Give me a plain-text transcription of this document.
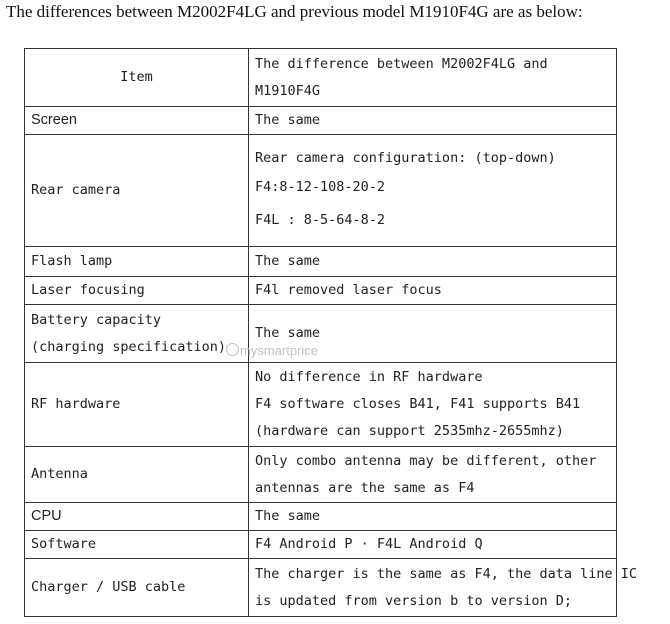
The differences between M2002F4LG and previous model M1910F4G are as below:
Item	The difference between M2002F4LG and
M1910F4G

Screen	The same
Rear camera	Rear camera configuration: (top-down)
F4:8-12-108-20-2
F4L : 8-5-64-8-2

Flash lamp	The same
Laser focusing	F4l removed laser focus

Battery capacity
(charging specification)	The same
RF hardware	No difference in RF hardware
F4 software closes B41, F41 supports B41
(hardware can support 2535mhz-2655mhz)

Antenna	Only combo antenna may be different, other
antennas are the same as F4

CPU	The same
Software	F4 Android P · F4L Android Q
Charger / USB cable	The charger is the same as F4, the data line IC
is updated from version b to version D;
mysmartprice
